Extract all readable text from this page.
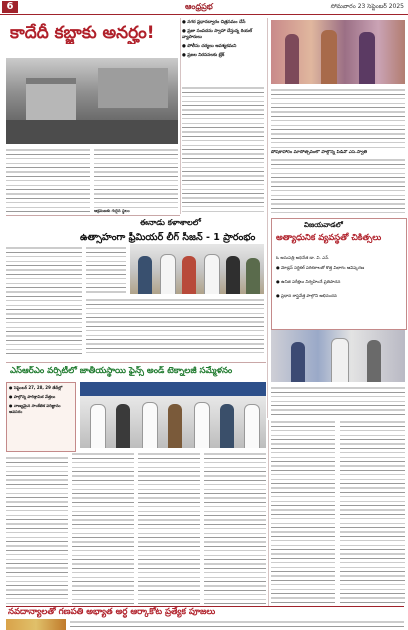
6	ఆంధ్రప్రభ	సోమవారం 23 సెప్టెంబర్ 2025
కాదేదీ కబ్జాకు అనర్హం!
ఆక్రమణకు గురైన స్థలం
● నగర ప్రధానద్వారం చిత్రసమం చేసే
● ప్రజా సంపదను స్వాహా చేస్తున్న రియల్ వ్యాపారులు
● పోలీసు చర్యలు ఆవశ్యకమని
● ప్రజల నిరసనలకు బ్రేక్
పోషకాహారం మాసోత్సవంలో పాల్గొన్న పీడీవో ఎస్.స్వాతి
విజయవాడలో
అత్యాధునిక వ్యవస్థతో చికిత్సలు
ఓ ఆసుపత్రి అధినేత డా. వి. ఎన్.
● మోడ్రన్ సర్జికల్ పరికరాలతో కొత్త విభాగం ఆవిష్కరణ
● ఉచిత పరీక్షలు నిర్వహించే ప్రతిపాదన
● ప్రధాన శాస్త్రవేత్త పాల్గొని అభినందన
ఈనాడు కళాశాలలో
ఉత్సాహంగా ఫ్రీమియర్ లీగ్ సీజన్ - 1 ప్రారంభం
ఎస్ఆర్ఎం వర్సిటీలో జాతీయస్థాయి ఫైన్స్ అండ్ టెక్నాలజీ సమ్మేళనం
● సెప్టెంబర్ 27, 28, 29 తేదీల్లో
● పాల్గొన్న పారిశ్రామిక వేత్తలు
● నాణ్యమైన సాంకేతిక పరిజ్ఞానం అవసరం
నవదాన్యాలతో గణపతి అభ్యాత అర్ధ ఆర్కాకోట ప్రత్యేక పూజలు
